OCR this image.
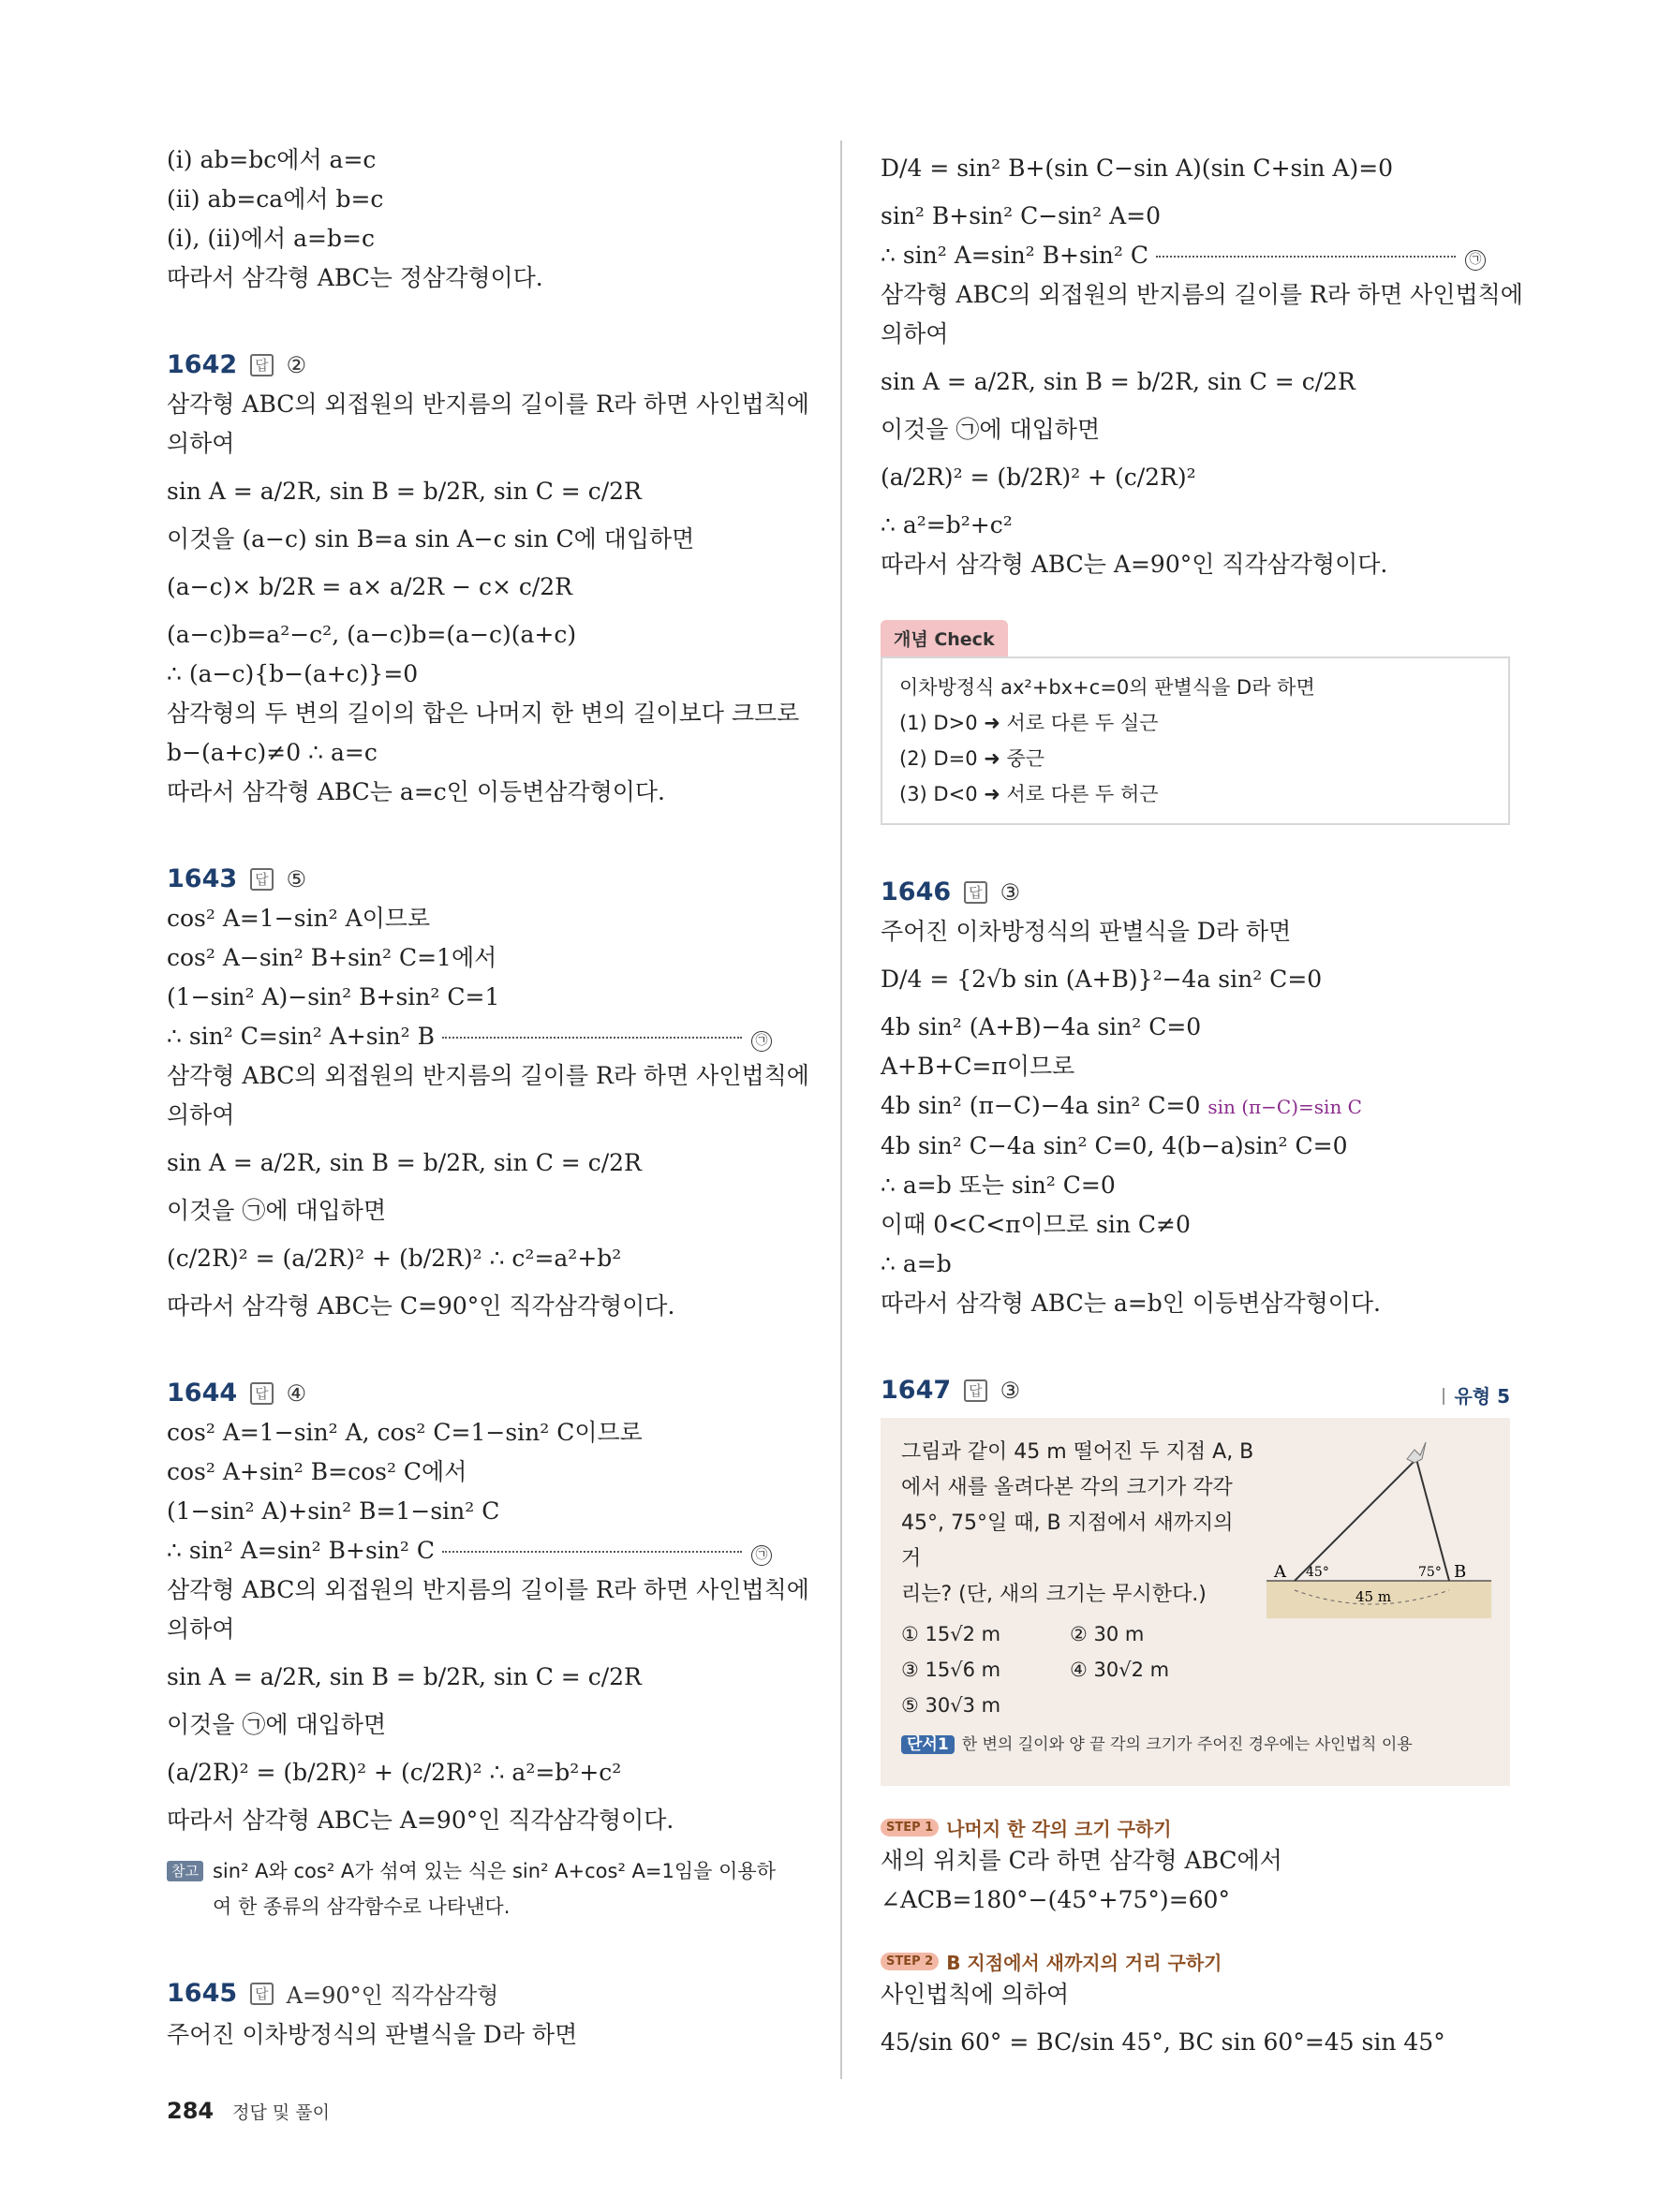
(i) ab=bc에서 a=c
(ii) ab=ca에서 b=c
(i), (ii)에서 a=b=c
따라서 삼각형 ABC는 정삼각형이다.
1642	답 ②
삼각형 ABC의 외접원의 반지름의 길이를 R라 하면 사인법칙에
의하여
sin A = a/2R, sin B = b/2R, sin C = c/2R
이것을 (a−c) sin B=a sin A−c sin C에 대입하면
(a−c)× b/2R = a× a/2R − c× c/2R
(a−c)b=a²−c², (a−c)b=(a−c)(a+c)
∴ (a−c){b−(a+c)}=0
삼각형의 두 변의 길이의 합은 나머지 한 변의 길이보다 크므로
b−(a+c)≠0 ∴ a=c
따라서 삼각형 ABC는 a=c인 이등변삼각형이다.
1643	답 ⑤
cos² A=1−sin² A이므로
cos² A−sin² B+sin² C=1에서
(1−sin² A)−sin² B+sin² C=1
∴ sin² C=sin² A+sin² B	㉠
삼각형 ABC의 외접원의 반지름의 길이를 R라 하면 사인법칙에
의하여
sin A = a/2R, sin B = b/2R, sin C = c/2R
이것을 ㉠에 대입하면
(c/2R)² = (a/2R)² + (b/2R)² ∴ c²=a²+b²
따라서 삼각형 ABC는 C=90°인 직각삼각형이다.
1644	답 ④
cos² A=1−sin² A, cos² C=1−sin² C이므로
cos² A+sin² B=cos² C에서
(1−sin² A)+sin² B=1−sin² C
∴ sin² A=sin² B+sin² C	㉠
삼각형 ABC의 외접원의 반지름의 길이를 R라 하면 사인법칙에
의하여
sin A = a/2R, sin B = b/2R, sin C = c/2R
이것을 ㉠에 대입하면
(a/2R)² = (b/2R)² + (c/2R)² ∴ a²=b²+c²
따라서 삼각형 ABC는 A=90°인 직각삼각형이다.
참고 sin² A와 cos² A가 섞여 있는 식은 sin² A+cos² A=1임을 이용하
여 한 종류의 삼각함수로 나타낸다.
1645	답 A=90°인 직각삼각형
주어진 이차방정식의 판별식을 D라 하면
D/4 = sin² B+(sin C−sin A)(sin C+sin A)=0
sin² B+sin² C−sin² A=0
∴ sin² A=sin² B+sin² C	㉠
삼각형 ABC의 외접원의 반지름의 길이를 R라 하면 사인법칙에
의하여
sin A = a/2R, sin B = b/2R, sin C = c/2R
이것을 ㉠에 대입하면
(a/2R)² = (b/2R)² + (c/2R)²
∴ a²=b²+c²
따라서 삼각형 ABC는 A=90°인 직각삼각형이다.
개념 Check
이차방정식 ax²+bx+c=0의 판별식을 D라 하면
(1) D>0 ➜ 서로 다른 두 실근
(2) D=0 ➜ 중근
(3) D<0 ➜ 서로 다른 두 허근
1646	답 ③
주어진 이차방정식의 판별식을 D라 하면
D/4 = {2√b sin (A+B)}²−4a sin² C=0
4b sin² (A+B)−4a sin² C=0
A+B+C=π이므로
4b sin² (π−C)−4a sin² C=0 sin (π−C)=sin C
4b sin² C−4a sin² C=0, 4(b−a)sin² C=0
∴ a=b 또는 sin² C=0
이때 0<C<π이므로 sin C≠0
∴ a=b
따라서 삼각형 ABC는 a=b인 이등변삼각형이다.
1647	답 ③	유형 5
그림과 같이 45 m 떨어진 두 지점 A, B
에서 새를 올려다본 각의 크기가 각각
45°, 75°일 때, B 지점에서 새까지의 거
리는? (단, 새의 크기는 무시한다.)
① 15√2 m	② 30 m
③ 15√6 m	④ 30√2 m
⑤ 30√3 m
단서1 한 변의 길이와 양 끝 각의 크기가 주어진 경우에는 사인법칙 이용
A	B
45°	75°
45 m
STEP 1 나머지 한 각의 크기 구하기
새의 위치를 C라 하면 삼각형 ABC에서
∠ACB=180°−(45°+75°)=60°
STEP 2 B 지점에서 새까지의 거리 구하기
사인법칙에 의하여
45/sin 60° = BC/sin 45°, BC sin 60°=45 sin 45°
284 정답 및 풀이
